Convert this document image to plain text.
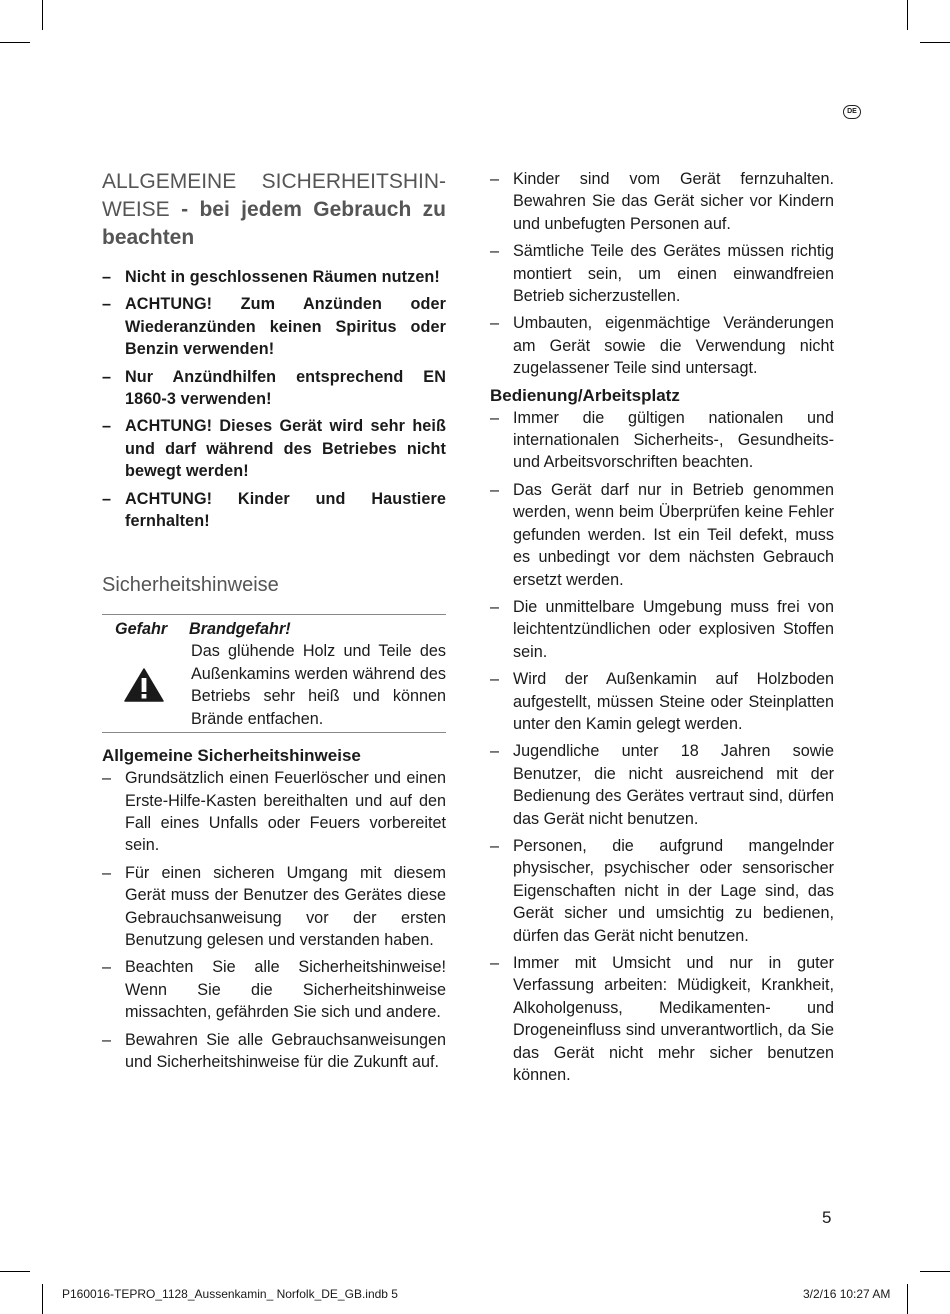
DE
ALLGEMEINE SICHERHEITSHIN-WEISE - bei jedem Gebrauch zu beachten
– Nicht in geschlossenen Räumen nutzen!
– ACHTUNG! Zum Anzünden oder Wiederanzünden keinen Spiritus oder Benzin verwenden!
– Nur Anzündhilfen entsprechend EN 1860-3 verwenden!
– ACHTUNG! Dieses Gerät wird sehr heiß und darf während des Betriebes nicht bewegt werden!
– ACHTUNG! Kinder und Haustiere fernhalten!
Sicherheitshinweise
Gefahr Brandgefahr!
Das glühende Holz und Teile des Außenkamins werden während des Betriebs sehr heiß und können Brände entfachen.
Allgemeine Sicherheitshinweise
– Grundsätzlich einen Feuerlöscher und einen Erste-Hilfe-Kasten bereithalten und auf den Fall eines Unfalls oder Feuers vorbereitet sein.
– Für einen sicheren Umgang mit diesem Gerät muss der Benutzer des Gerätes diese Gebrauchsanweisung vor der ersten Benutzung gelesen und verstanden haben.
– Beachten Sie alle Sicherheitshinweise! Wenn Sie die Sicherheitshinweise missachten, gefährden Sie sich und andere.
– Bewahren Sie alle Gebrauchsanweisungen und Sicherheitshinweise für die Zukunft auf.
– Kinder sind vom Gerät fernzuhalten. Bewahren Sie das Gerät sicher vor Kindern und unbefugten Personen auf.
– Sämtliche Teile des Gerätes müssen richtig montiert sein, um einen einwandfreien Betrieb sicherzustellen.
– Umbauten, eigenmächtige Veränderungen am Gerät sowie die Verwendung nicht zugelassener Teile sind untersagt.
Bedienung/Arbeitsplatz
– Immer die gültigen nationalen und internationalen Sicherheits-, Gesundheits- und Arbeitsvorschriften beachten.
– Das Gerät darf nur in Betrieb genommen werden, wenn beim Überprüfen keine Fehler gefunden werden. Ist ein Teil defekt, muss es unbedingt vor dem nächsten Gebrauch ersetzt werden.
– Die unmittelbare Umgebung muss frei von leichtentzündlichen oder explosiven Stoffen sein.
– Wird der Außenkamin auf Holzboden aufgestellt, müssen Steine oder Steinplatten unter den Kamin gelegt werden.
– Jugendliche unter 18 Jahren sowie Benutzer, die nicht ausreichend mit der Bedienung des Gerätes vertraut sind, dürfen das Gerät nicht benutzen.
– Personen, die aufgrund mangelnder physischer, psychischer oder sensorischer Eigenschaften nicht in der Lage sind, das Gerät sicher und umsichtig zu bedienen, dürfen das Gerät nicht benutzen.
– Immer mit Umsicht und nur in guter Verfassung arbeiten: Müdigkeit, Krankheit, Alkoholgenuss, Medikamenten- und Drogeneinfluss sind unverantwortlich, da Sie das Gerät nicht mehr sicher benutzen können.
5
P160016-TEPRO_1128_Aussenkamin_ Norfolk_DE_GB.indb 5	3/2/16 10:27 AM
